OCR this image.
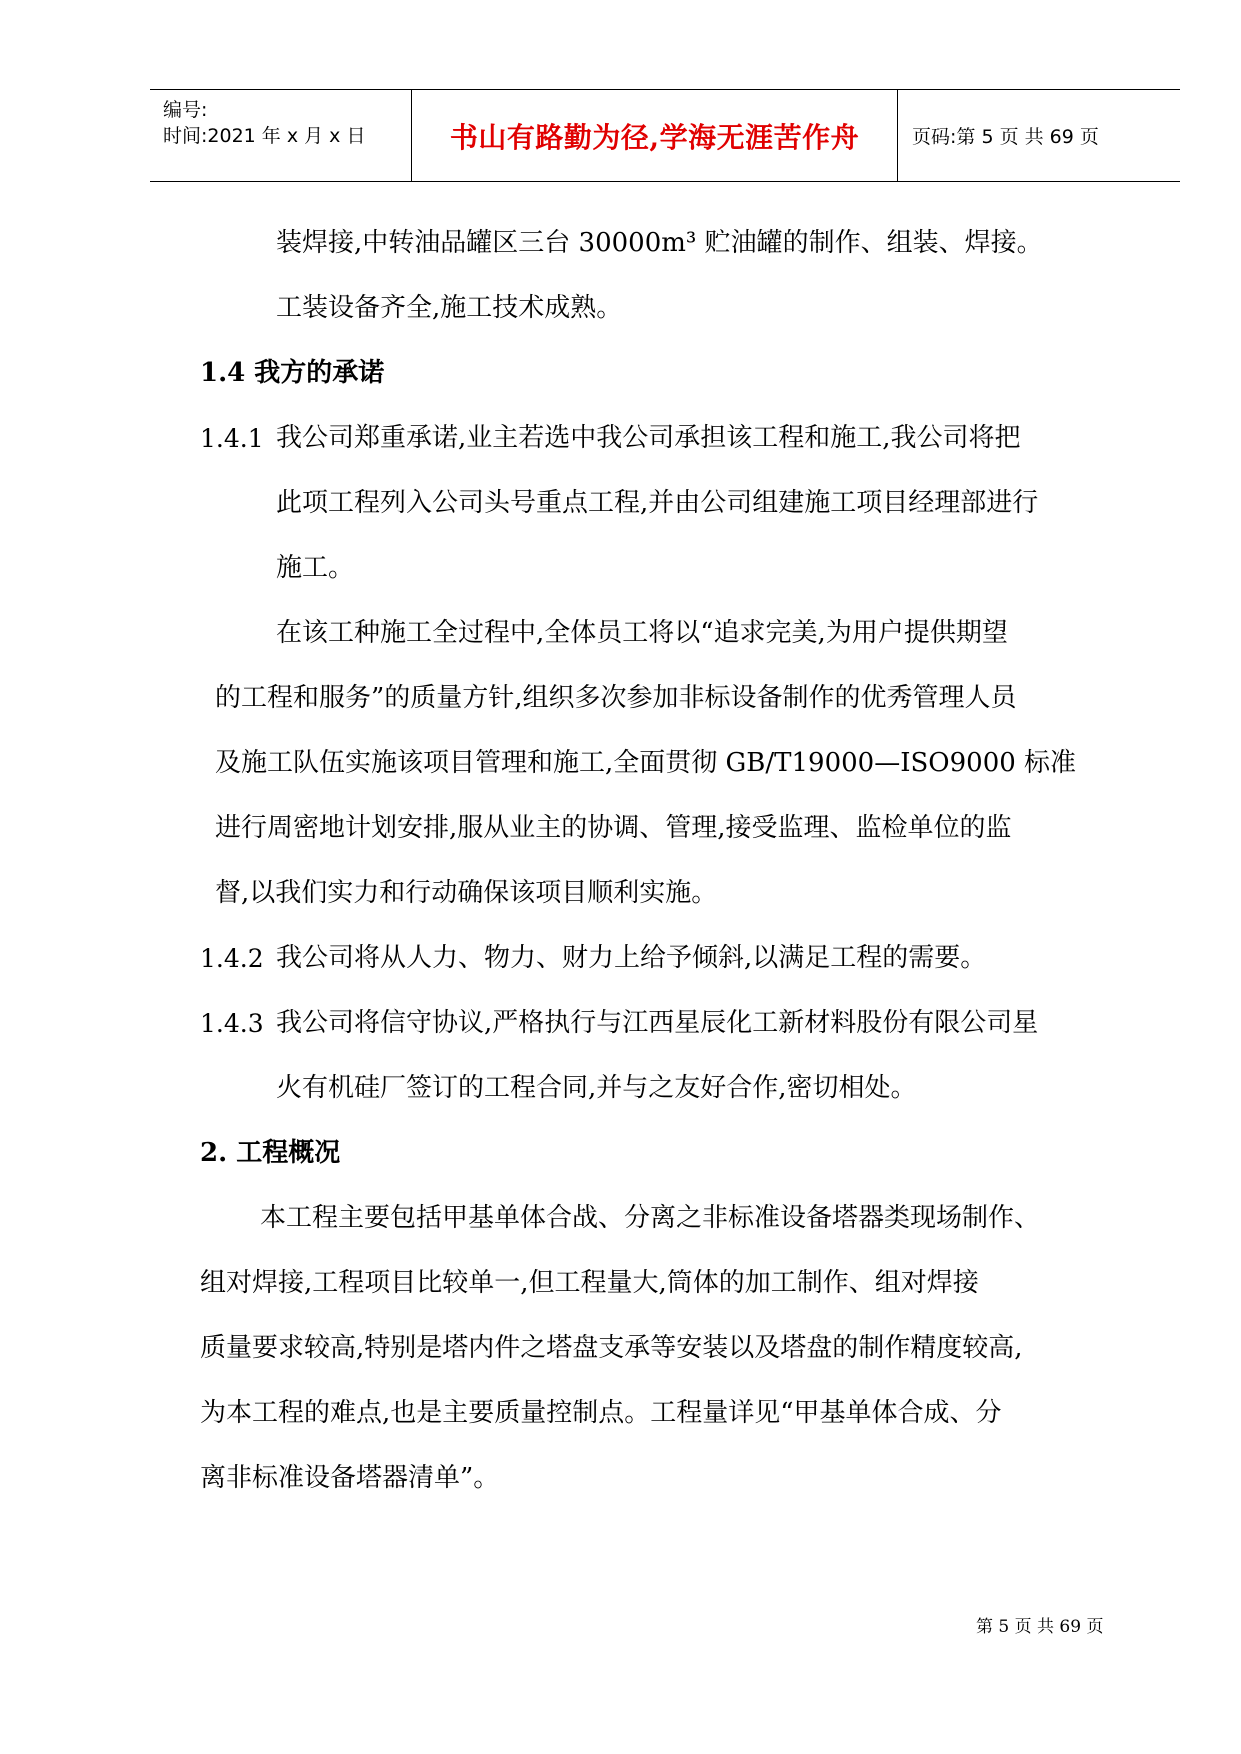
编号:
时间:2021 年 x 月 x 日	书山有路勤为径,学海无涯苦作舟	页码:第 5 页 共 69 页
装焊接,中转油品罐区三台 30000m³ 贮油罐的制作、组装、焊接。
工装设备齐全,施工技术成熟。
1.4 我方的承诺
1.4.1 我公司郑重承诺,业主若选中我公司承担该工程和施工,我公司将把
此项工程列入公司头号重点工程,并由公司组建施工项目经理部进行
施工。
在该工种施工全过程中,全体员工将以“追求完美,为用户提供期望
的工程和服务”的质量方针,组织多次参加非标设备制作的优秀管理人员
及施工队伍实施该项目管理和施工,全面贯彻 GB/T19000—ISO9000 标准
进行周密地计划安排,服从业主的协调、管理,接受监理、监检单位的监
督,以我们实力和行动确保该项目顺利实施。
1.4.2 我公司将从人力、物力、财力上给予倾斜,以满足工程的需要。
1.4.3 我公司将信守协议,严格执行与江西星辰化工新材料股份有限公司星
火有机硅厂签订的工程合同,并与之友好合作,密切相处。
2. 工程概况
本工程主要包括甲基单体合战、分离之非标准设备塔器类现场制作、
组对焊接,工程项目比较单一,但工程量大,筒体的加工制作、组对焊接
质量要求较高,特别是塔内件之塔盘支承等安装以及塔盘的制作精度较高,
为本工程的难点,也是主要质量控制点。工程量详见“甲基单体合成、分
离非标准设备塔器清单”。
第 5 页 共 69 页
